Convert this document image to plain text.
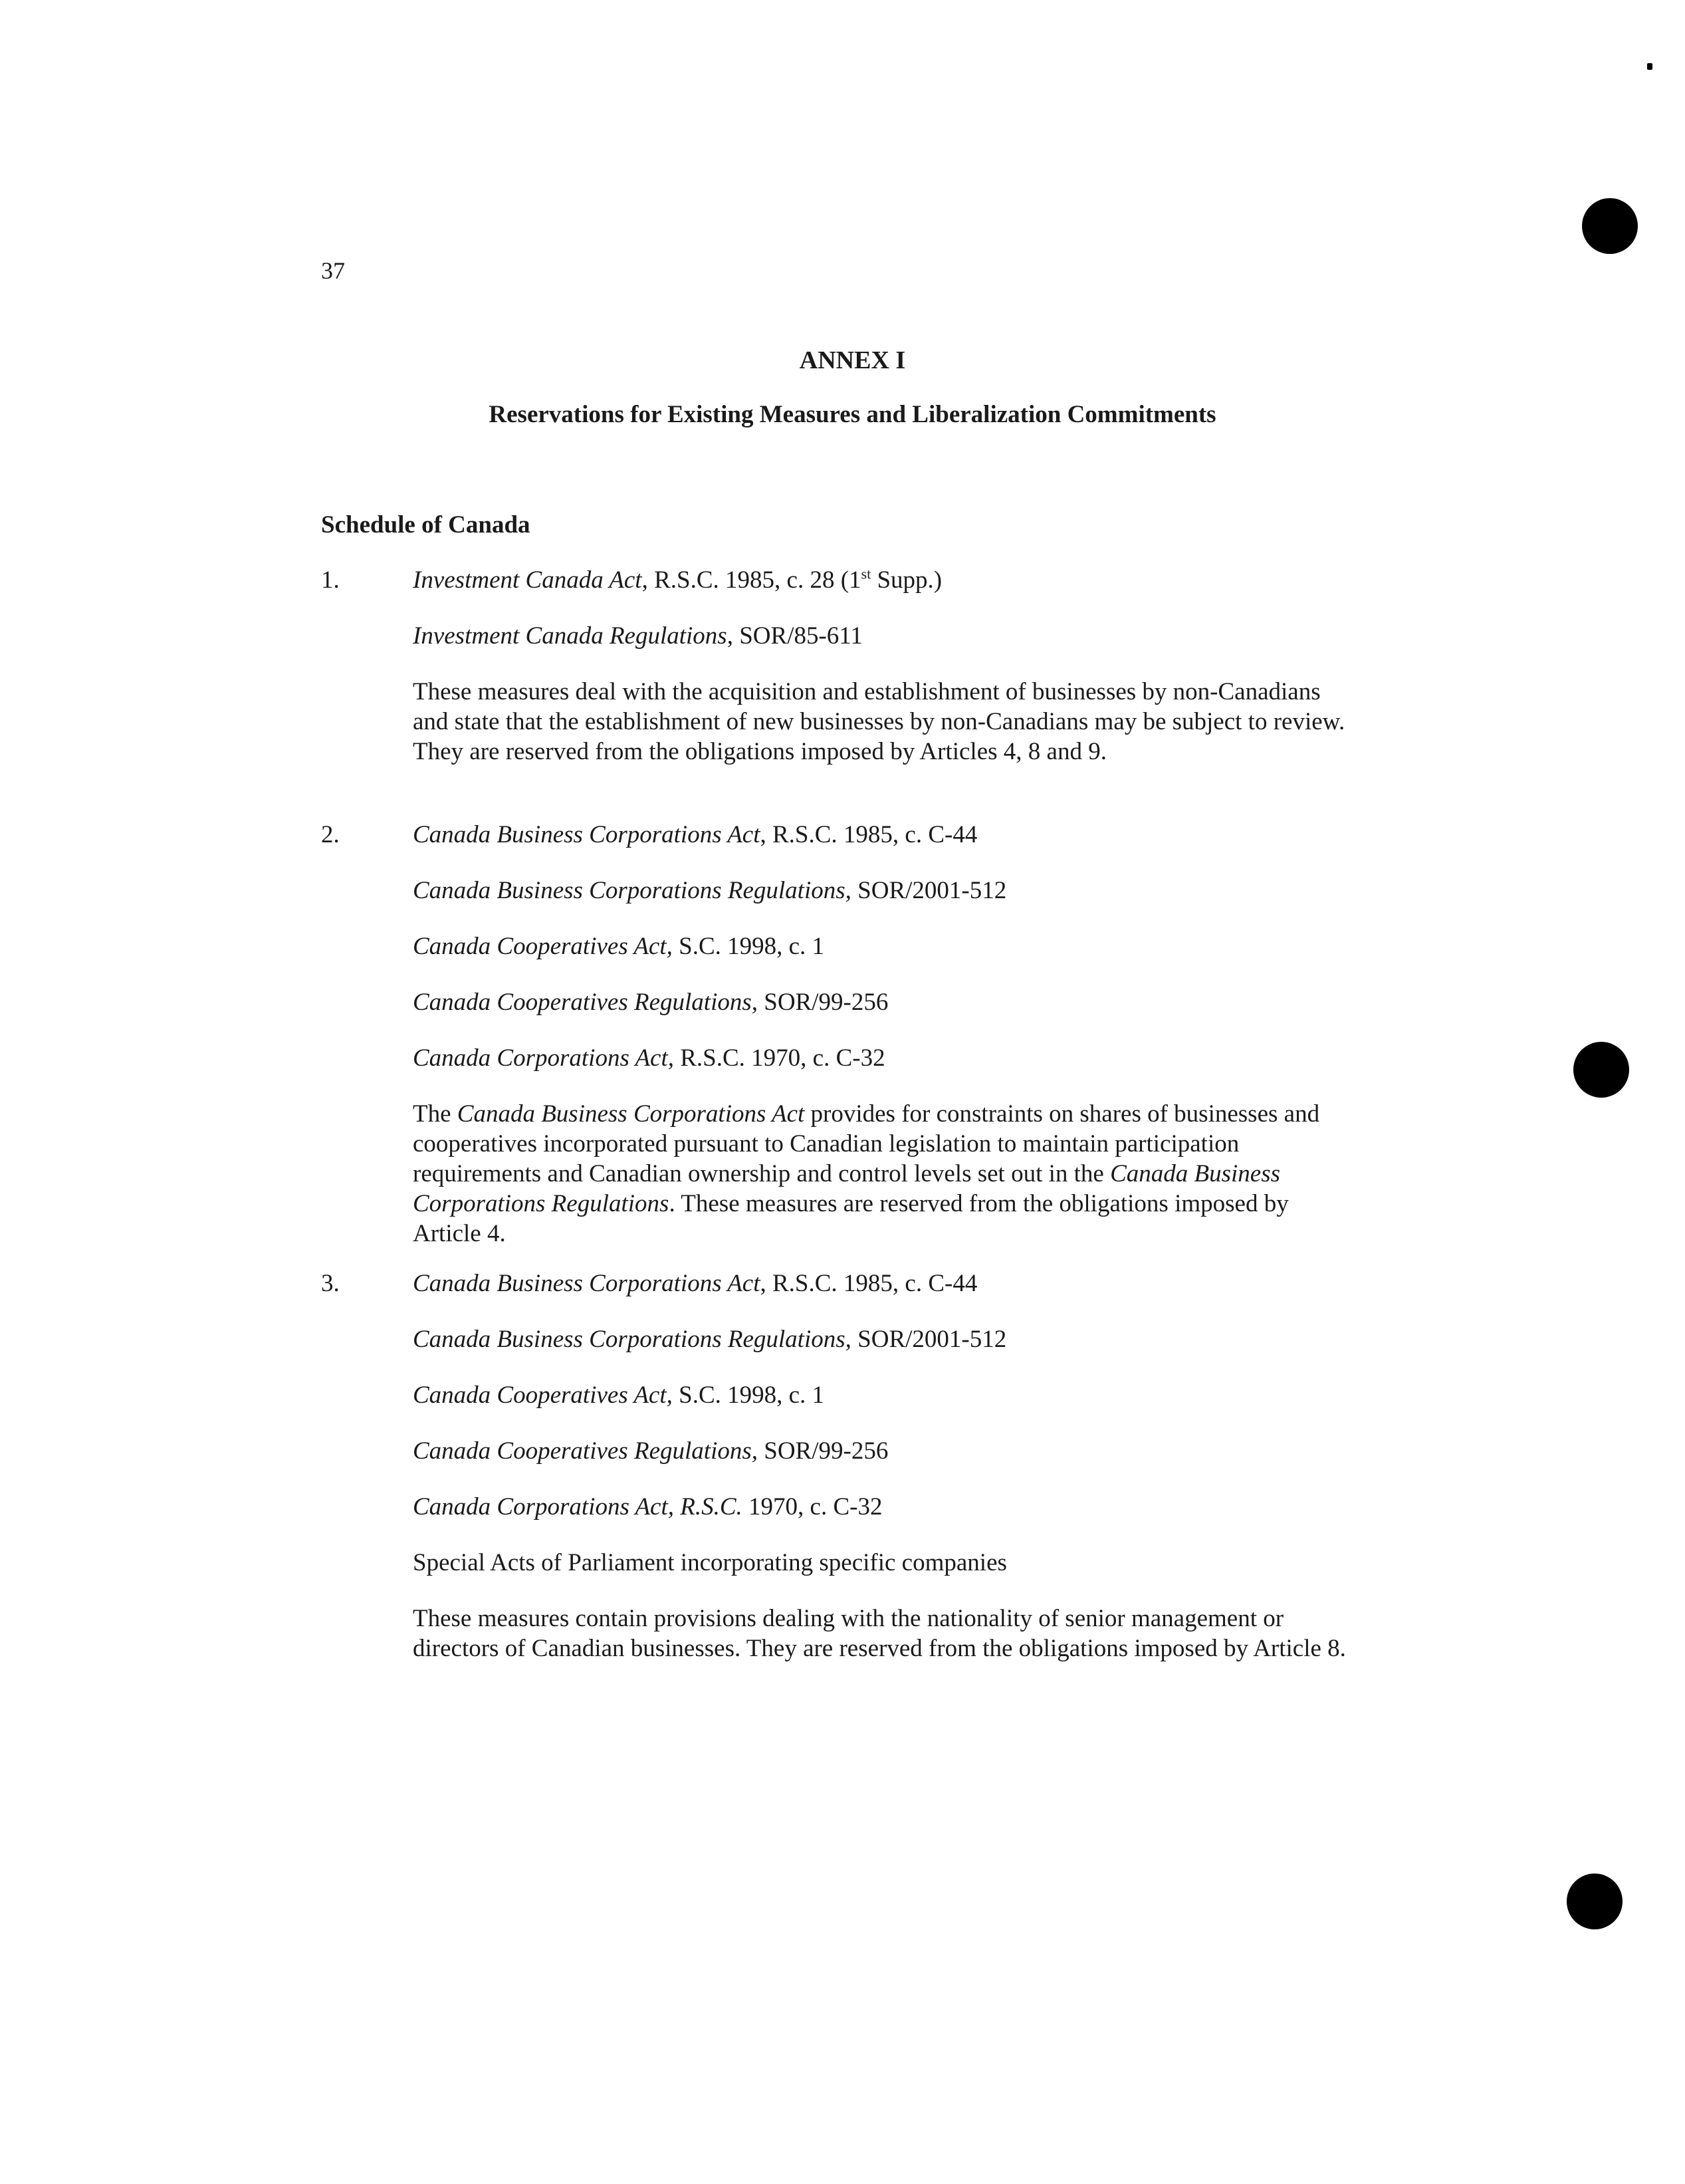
37
ANNEX I
Reservations for Existing Measures and Liberalization Commitments
Schedule of Canada
1.	Investment Canada Act, R.S.C. 1985, c. 28 (1st Supp.)

Investment Canada Regulations, SOR/85-611

These measures deal with the acquisition and establishment of businesses by non-Canadians and state that the establishment of new businesses by non-Canadians may be subject to review. They are reserved from the obligations imposed by Articles 4, 8 and 9.

2.	Canada Business Corporations Act, R.S.C. 1985, c. C-44

Canada Business Corporations Regulations, SOR/2001-512

Canada Cooperatives Act, S.C. 1998, c. 1

Canada Cooperatives Regulations, SOR/99-256

Canada Corporations Act, R.S.C. 1970, c. C-32

The Canada Business Corporations Act provides for constraints on shares of businesses and cooperatives incorporated pursuant to Canadian legislation to maintain participation requirements and Canadian ownership and control levels set out in the Canada Business Corporations Regulations. These measures are reserved from the obligations imposed by Article 4.

3.	Canada Business Corporations Act, R.S.C. 1985, c. C-44

Canada Business Corporations Regulations, SOR/2001-512

Canada Cooperatives Act, S.C. 1998, c. 1

Canada Cooperatives Regulations, SOR/99-256

Canada Corporations Act, R.S.C. 1970, c. C-32

Special Acts of Parliament incorporating specific companies

These measures contain provisions dealing with the nationality of senior management or directors of Canadian businesses. They are reserved from the obligations imposed by Article 8.
